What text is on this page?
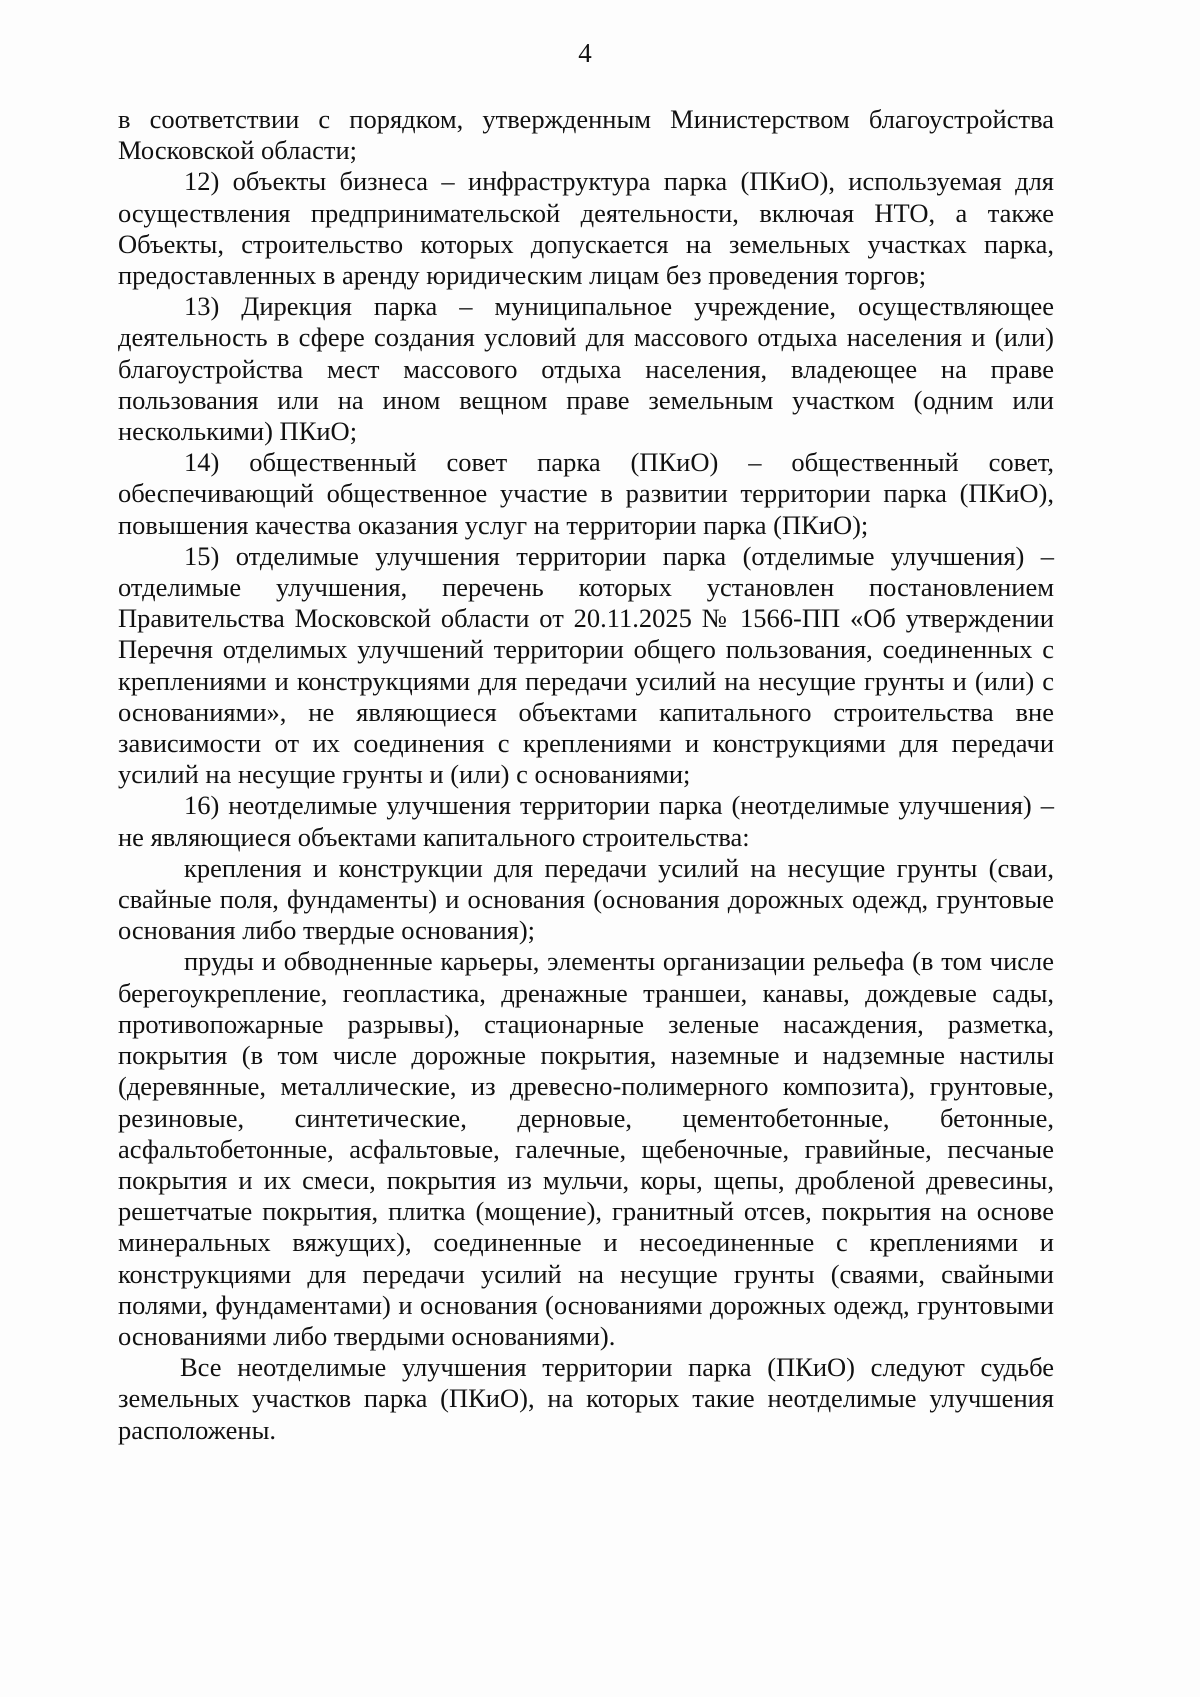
4

в соответствии с порядком, утвержденным Министерством благоустройства Московской области;

12) объекты бизнеса – инфраструктура парка (ПКиО), используемая для осуществления предпринимательской деятельности, включая НТО, а также Объекты, строительство которых допускается на земельных участках парка, предоставленных в аренду юридическим лицам без проведения торгов;

13) Дирекция парка – муниципальное учреждение, осуществляющее деятельность в сфере создания условий для массового отдыха населения и (или) благоустройства мест массового отдыха населения, владеющее на праве пользования или на ином вещном праве земельным участком (одним или несколькими) ПКиО;

14) общественный совет парка (ПКиО) – общественный совет, обеспечивающий общественное участие в развитии территории парка (ПКиО), повышения качества оказания услуг на территории парка (ПКиО);

15) отделимые улучшения территории парка (отделимые улучшения) – отделимые улучшения, перечень которых установлен постановлением Правительства Московской области от 20.11.2025 № 1566-ПП «Об утверждении Перечня отделимых улучшений территории общего пользования, соединенных с креплениями и конструкциями для передачи усилий на несущие грунты и (или) с основаниями», не являющиеся объектами капитального строительства вне зависимости от их соединения с креплениями и конструкциями для передачи усилий на несущие грунты и (или) с основаниями;

16) неотделимые улучшения территории парка (неотделимые улучшения) – не являющиеся объектами капитального строительства:

крепления и конструкции для передачи усилий на несущие грунты (сваи, свайные поля, фундаменты) и основания (основания дорожных одежд, грунтовые основания либо твердые основания);

пруды и обводненные карьеры, элементы организации рельефа (в том числе берегоукрепление, геопластика, дренажные траншеи, канавы, дождевые сады, противопожарные разрывы), стационарные зеленые насаждения, разметка, покрытия (в том числе дорожные покрытия, наземные и надземные настилы (деревянные, металлические, из древесно-полимерного композита), грунтовые, резиновые, синтетические, дерновые, цементобетонные, бетонные, асфальтобетонные, асфальтовые, галечные, щебеночные, гравийные, песчаные покрытия и их смеси, покрытия из мульчи, коры, щепы, дробленой древесины, решетчатые покрытия, плитка (мощение), гранитный отсев, покрытия на основе минеральных вяжущих), соединенные и несоединенные с креплениями и конструкциями для передачи усилий на несущие грунты (сваями, свайными полями, фундаментами) и основания (основаниями дорожных одежд, грунтовыми основаниями либо твердыми основаниями).

Все неотделимые улучшения территории парка (ПКиО) следуют судьбе земельных участков парка (ПКиО), на которых такие неотделимые улучшения расположены.
